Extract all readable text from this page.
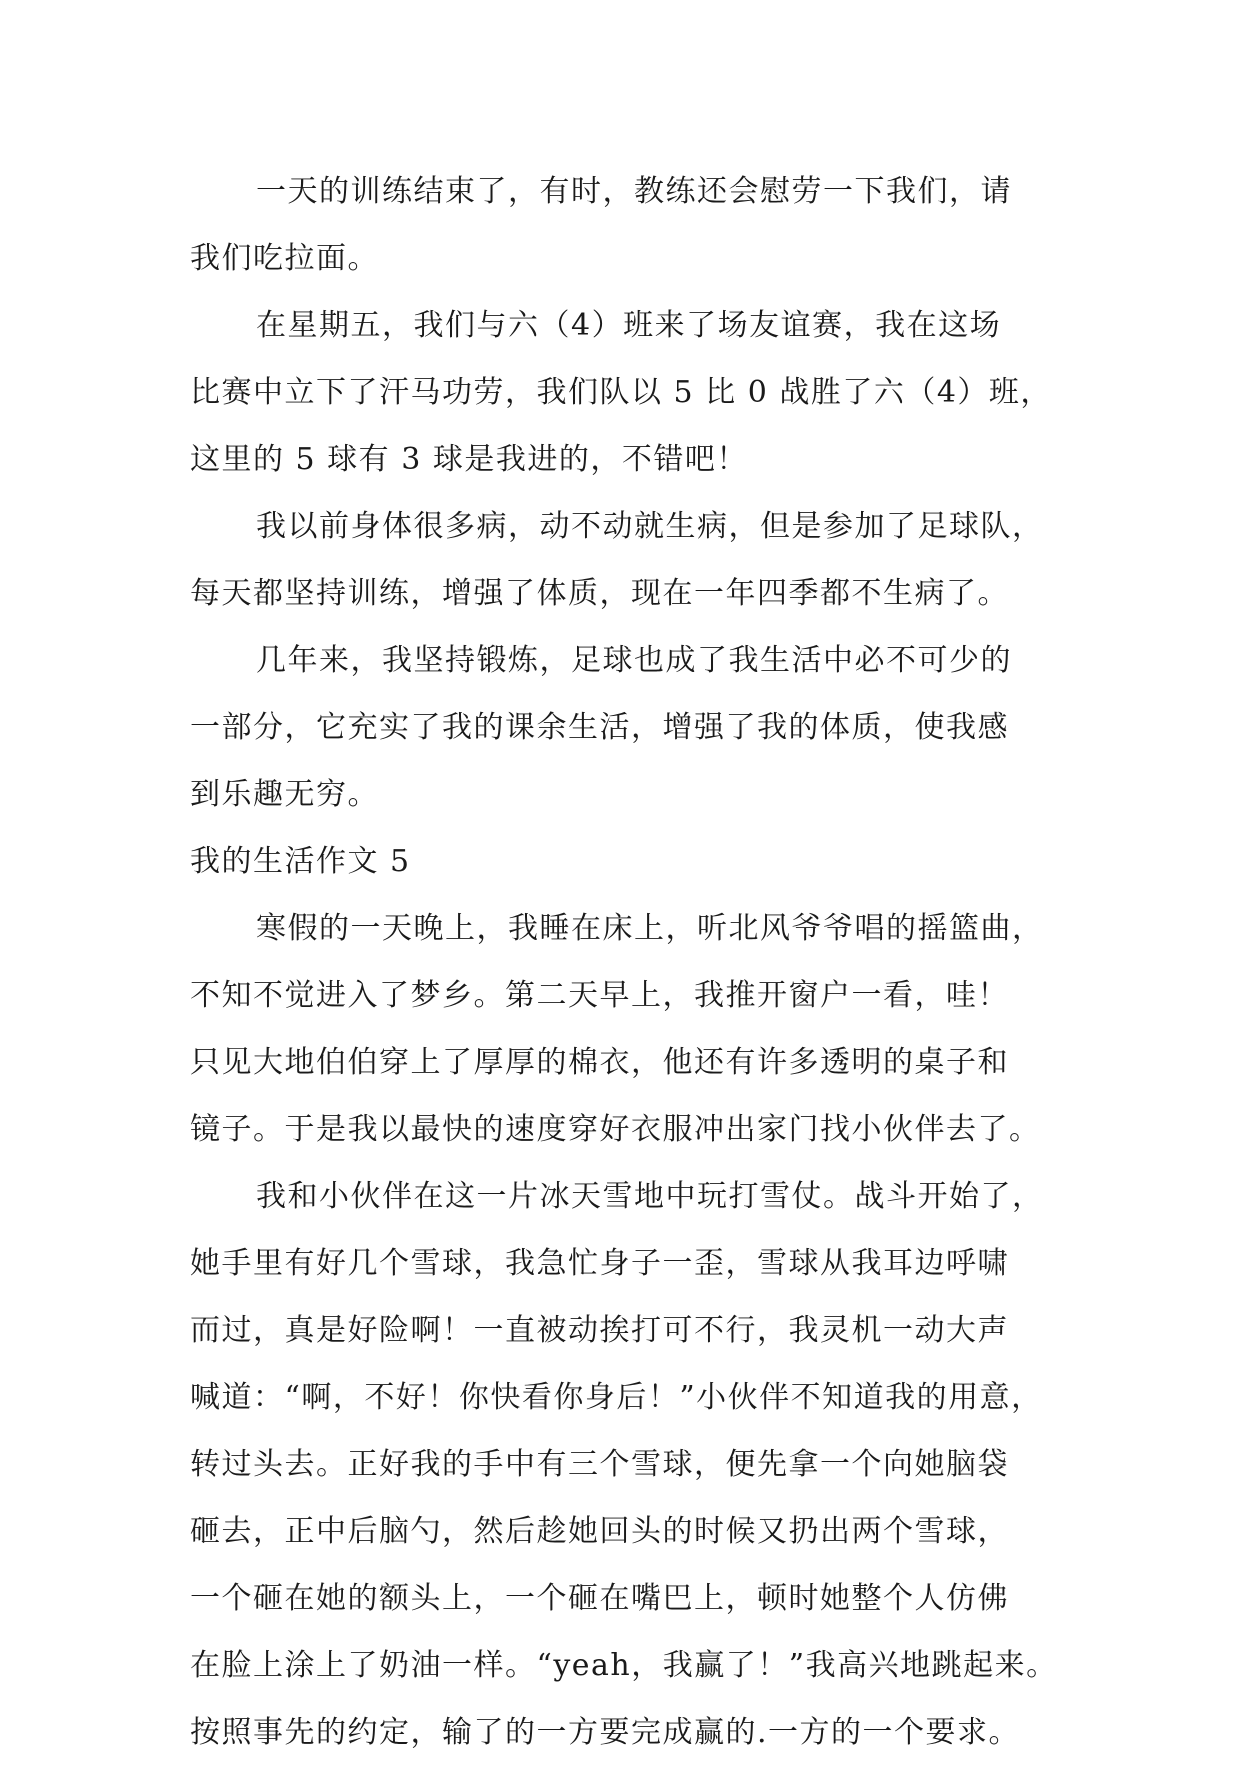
一天的训练结束了，有时，教练还会慰劳一下我们，请
我们吃拉面。
在星期五，我们与六（4）班来了场友谊赛，我在这场
比赛中立下了汗马功劳，我们队以 5 比 0 战胜了六（4）班，
这里的 5 球有 3 球是我进的，不错吧！
我以前身体很多病，动不动就生病，但是参加了足球队，
每天都坚持训练，增强了体质，现在一年四季都不生病了。
几年来，我坚持锻炼，足球也成了我生活中必不可少的
一部分，它充实了我的课余生活，增强了我的体质，使我感
到乐趣无穷。
我的生活作文 5
寒假的一天晚上，我睡在床上，听北风爷爷唱的摇篮曲，
不知不觉进入了梦乡。第二天早上，我推开窗户一看，哇！
只见大地伯伯穿上了厚厚的棉衣，他还有许多透明的桌子和
镜子。于是我以最快的速度穿好衣服冲出家门找小伙伴去了。
我和小伙伴在这一片冰天雪地中玩打雪仗。战斗开始了，
她手里有好几个雪球，我急忙身子一歪，雪球从我耳边呼啸
而过，真是好险啊！一直被动挨打可不行，我灵机一动大声
喊道：“啊，不好！你快看你身后！”小伙伴不知道我的用意，
转过头去。正好我的手中有三个雪球，便先拿一个向她脑袋
砸去，正中后脑勺，然后趁她回头的时候又扔出两个雪球，
一个砸在她的额头上，一个砸在嘴巴上，顿时她整个人仿佛
在脸上涂上了奶油一样。“yeah，我赢了！”我高兴地跳起来。
按照事先的约定，输了的一方要完成赢的.一方的一个要求。
